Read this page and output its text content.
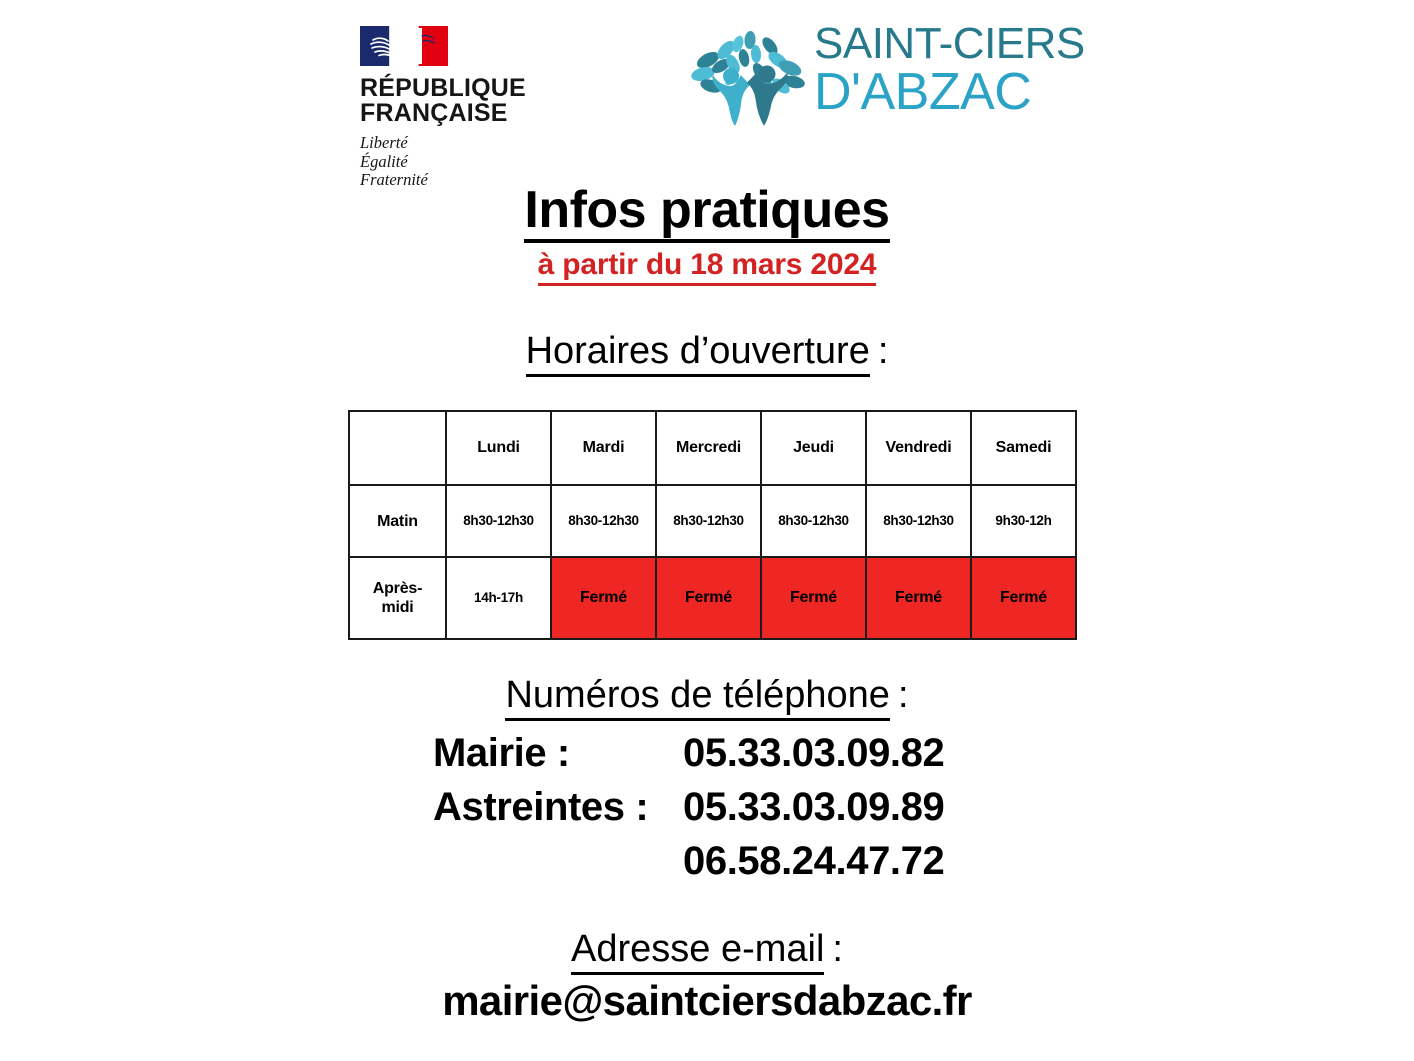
RÉPUBLIQUE
FRANÇAISE
Liberté
Égalité
Fraternité
SAINT-CIERS
D'ABZAC
Infos pratiques
à partir du 18 mars 2024
Horaires d’ouverture :
	Lundi	Mardi	Mercredi	Jeudi	Vendredi	Samedi
Matin	8h30-12h30	8h30-12h30	8h30-12h30	8h30-12h30	8h30-12h30	9h30-12h
Après-
midi	14h-17h	Fermé	Fermé	Fermé	Fermé	Fermé
Numéros de téléphone :
Mairie :	05.33.03.09.82
Astreintes : 05.33.03.09.89
06.58.24.47.72
Adresse e-mail :
mairie@saintciersdabzac.fr
